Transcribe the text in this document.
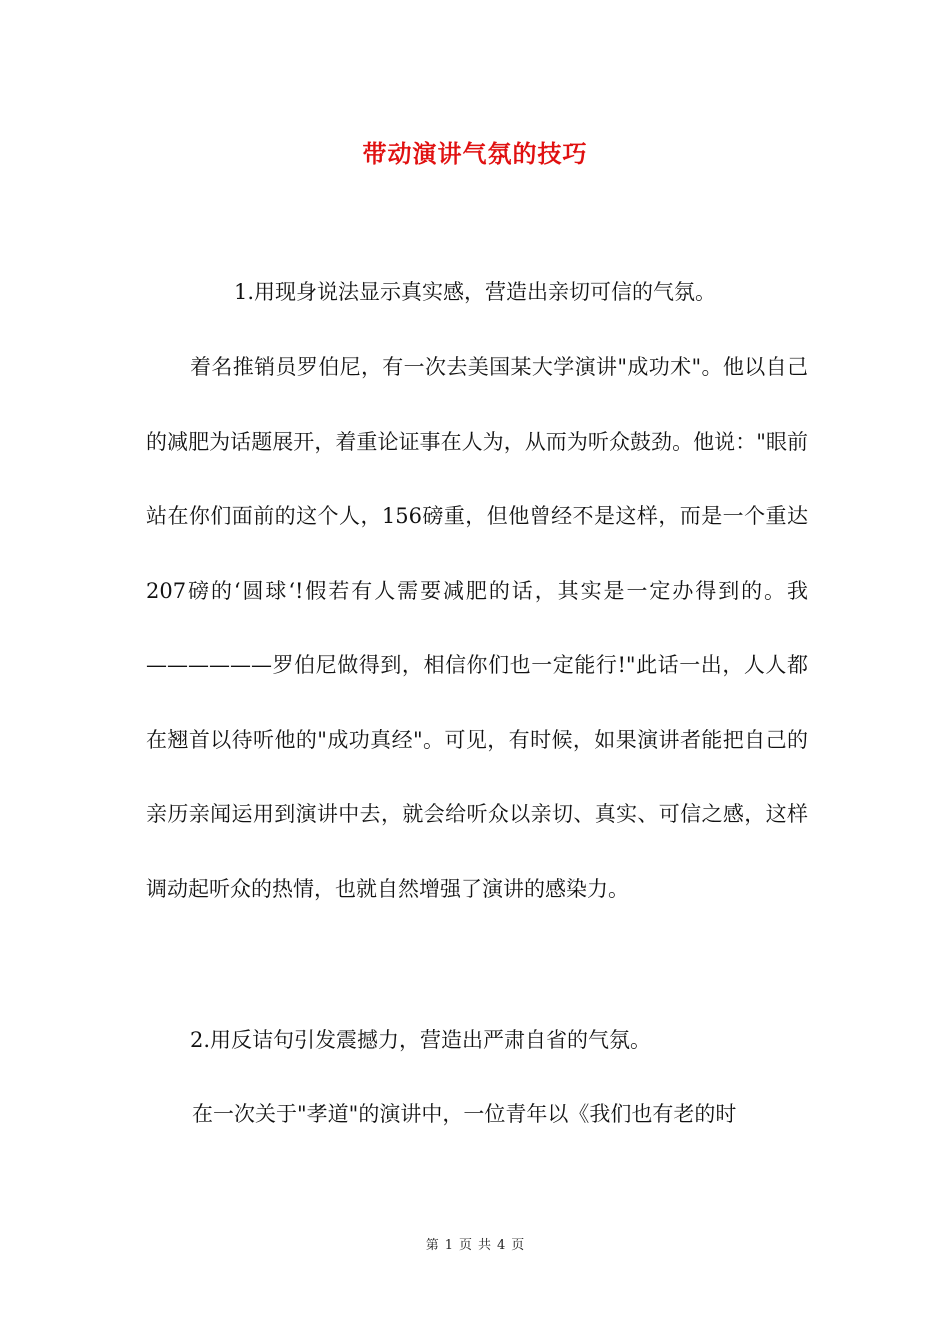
带动演讲气氛的技巧

1.用现身说法显示真实感，营造出亲切可信的气氛。

着名推销员罗伯尼，有一次去美国某大学演讲"成功术"。他以自己的减肥为话题展开，着重论证事在人为，从而为听众鼓劲。他说："眼前站在你们面前的这个人，156磅重，但他曾经不是这样，而是一个重达207磅的‘圆球‘!假若有人需要减肥的话，其实是一定办得到的。我——————罗伯尼做得到，相信你们也一定能行!"此话一出，人人都在翘首以待听他的"成功真经"。可见，有时候，如果演讲者能把自己的亲历亲闻运用到演讲中去，就会给听众以亲切、真实、可信之感，这样调动起听众的热情，也就自然增强了演讲的感染力。

2.用反诘句引发震撼力，营造出严肃自省的气氛。

在一次关于"孝道"的演讲中，一位青年以《我们也有老的时

第 1 页 共 4 页
